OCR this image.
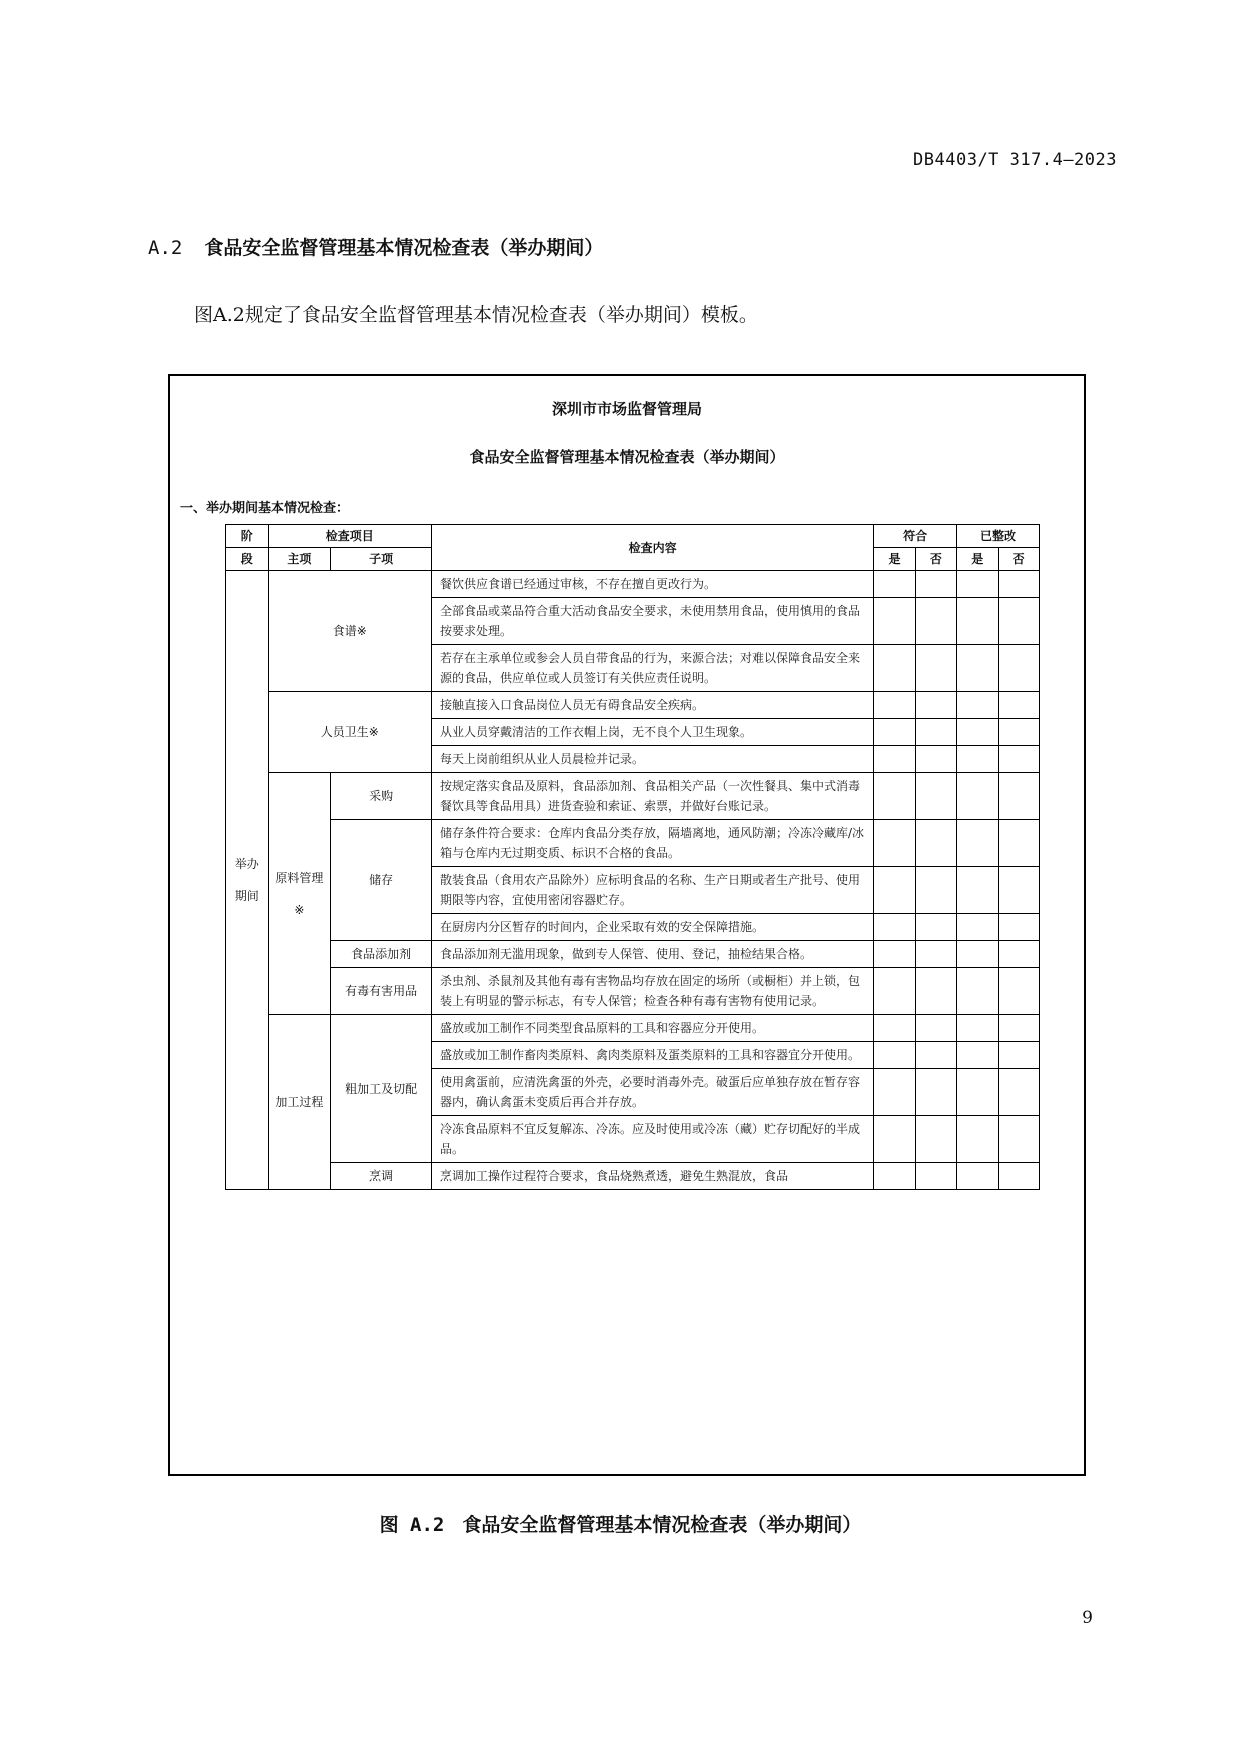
DB4403/T 317.4—2023
A.2 食品安全监督管理基本情况检查表（举办期间）
图A.2规定了食品安全监督管理基本情况检查表（举办期间）模板。
深圳市市场监督管理局
食品安全监督管理基本情况检查表（举办期间）
一、举办期间基本情况检查：
阶	检查项目		检查内容	符合		已整改	
段	主项	子项		是	否	是	否
举办期间	食谱※		餐饮供应食谱已经通过审核，不存在擅自更改行为。				
			全部食品或菜品符合重大活动食品安全要求，未使用禁用食品，使用慎用的食品按要求处理。				
			若存在主承单位或参会人员自带食品的行为，来源合法；对难以保障食品安全来源的食品，供应单位或人员签订有关供应责任说明。				
	人员卫生※		接触直接入口食品岗位人员无有碍食品安全疾病。				
			从业人员穿戴清洁的工作衣帽上岗，无不良个人卫生现象。				
			每天上岗前组织从业人员晨检并记录。				
	原料管理※	采购	按规定落实食品及原料，食品添加剂、食品相关产品（一次性餐具、集中式消毒餐饮具等食品用具）进货查验和索证、索票，并做好台账记录。				
		储存	储存条件符合要求：仓库内食品分类存放，隔墙离地，通风防潮；冷冻冷藏库/冰箱与仓库内无过期变质、标识不合格的食品。				
			散装食品（食用农产品除外）应标明食品的名称、生产日期或者生产批号、使用期限等内容，宜使用密闭容器贮存。				
			在厨房内分区暂存的时间内，企业采取有效的安全保障措施。				
		食品添加剂	食品添加剂无滥用现象，做到专人保管、使用、登记，抽检结果合格。				
		有毒有害用品	杀虫剂、杀鼠剂及其他有毒有害物品均存放在固定的场所（或橱柜）并上锁，包装上有明显的警示标志，有专人保管；检查各种有毒有害物有使用记录。				
	加工过程	粗加工及切配	盛放或加工制作不同类型食品原料的工具和容器应分开使用。				
			盛放或加工制作畜肉类原料、禽肉类原料及蛋类原料的工具和容器宜分开使用。				
			使用禽蛋前，应清洗禽蛋的外壳，必要时消毒外壳。破蛋后应单独存放在暂存容器内，确认禽蛋未变质后再合并存放。				
			冷冻食品原料不宜反复解冻、冷冻。应及时使用或冷冻（藏）贮存切配好的半成品。				
		烹调	烹调加工操作过程符合要求，食品烧熟煮透，避免生熟混放，食品				
图 A.2 食品安全监督管理基本情况检查表（举办期间）
9
